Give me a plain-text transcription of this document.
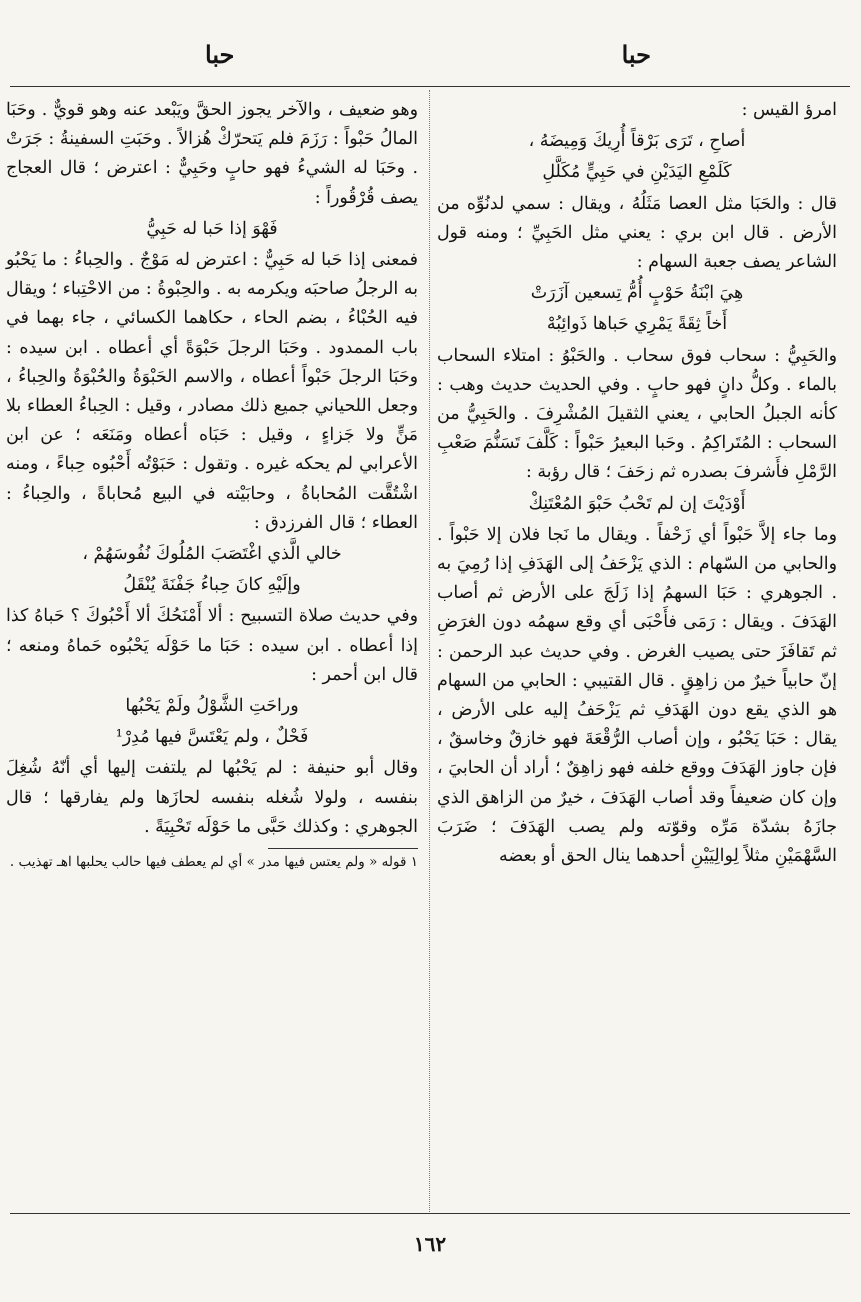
حبا
حبا

امرؤ القيس :

أصاحِ ، تَرَى بَرْقاً أُرِيكَ وَمِيضَهُ ،

كَلَمْعِ اليَدَيْنِ في حَبِيٍّ مُكَلَّلِ

قال : والحَبَا مثل العصا مَثَلُهُ ، ويقال : سمي لدنُوِّه من الأرض . قال ابن بري : يعني مثل الحَبِيِّ ؛ ومنه قول الشاعر يصف جعبة السهام :

هِيَ ابْنَةُ حَوْبٍ أُمُّ تِسعين آزَرَتْ

أَخاً ثِقَةً يَمْرِي حَباها ذَوائِبُهْ

والحَبِيُّ : سحاب فوق سحاب . والحَبْوُ : امتلاء السحاب بالماء . وكلُّ دانٍ فهو حابٍ . وفي الحديث حديث وهب : كأنه الجبلُ الحابي ، يعني الثقيلَ المُشْرِفَ . والحَبِيُّ من السحاب : المُتَراكِمُ . وحَبا البعيرُ حَبْواً : كَلَّفَ تَسَنُّمَ صَعْبِ الرَّمْلِ فأَشرفَ بصدره ثم زحَفَ ؛ قال رؤبة :

أَوْدَيْتَ إن لم تَحْبُ حَبْوَ المُعْتَنِكْ

وما جاء إلاَّ حَبْواً أي زَحْفاً . ويقال ما نَجا فلان إلا حَبْواً . والحابي من السّهام : الذي يَزْحَفُ إلى الهَدَفِ إذا رُمِيَ به . الجوهري : حَبَا السهمُ إذا زَلَجَ على الأرض ثم أصاب الهَدَفَ . ويقال : رَمَى فأَحْبَى أي وقع سهمُه دون الغرَضِ ثم تَقافَزَ حتى يصيب الغرض . وفي حديث عبد الرحمن : إنّ حابياً خيرٌ من زاهِقٍ . قال القتيبي : الحابي من السهام هو الذي يقع دون الهَدَفِ ثم يَزْحَفُ إليه على الأرض ، يقال : حَبَا يَحْبُو ، وإن أصاب الرُّقْعَةَ فهو خازقٌ وخاسقٌ ، فإن جاوز الهَدَفَ ووقع خلفه فهو زاهِقٌ ؛ أراد أن الحابيَ ، وإن كان ضعيفاً وقد أصاب الهَدَفَ ، خيرٌ من الزاهق الذي جازَهُ بشدّة مَرِّه وقوّته ولم يصب الهَدَفَ ؛ ضَرَبَ السَّهْمَيْنِ مثلاً لِوالِيَيْنِ أحدهما ينال الحق أو بعضه

وهو ضعيف ، والآخر يجوز الحقَّ ويَبْعد عنه وهو قويٌّ . وحَبَا المالُ حَبْواً : رَزَمَ فلم يَتحرّكْ هُزالاً . وحَبَتِ السفينةُ : جَرَتْ . وحَبَا له الشيءُ فهو حابٍ وحَبِيٌّ : اعترض ؛ قال العجاج يصف قُرْقُوراً :

فَهْوَ إذا حَبا له حَبِيُّ

فمعنى إذا حَبا له حَبِيٌّ : اعترض له مَوْجٌ . والحِباءُ : ما يَحْبُو به الرجلُ صاحبَه ويكرمه به . والحِبْوةُ : من الاحْتِباء ؛ ويقال فيه الحُبْاءُ ، بضم الحاء ، حكاهما الكسائي ، جاء بهما في باب الممدود . وحَبَا الرجلَ حَبْوَةً أي أعطاه . ابن سيده : وحَبَا الرجلَ حَبْواً أعطاه ، والاسم الحَبْوَةُ والحُبْوَةُ والحِباءُ ، وجعل اللحياني جميع ذلك مصادر ، وقيل : الحِباءُ العطاء بلا مَنٍّ ولا جَزاءٍ ، وقيل : حَبَاه أعطاه ومَنَعَه ؛ عن ابن الأعرابي لم يحكه غيره . وتقول : حَبَوْتُه أَحْبُوه حِباءً ، ومنه اشْتُقَّت المُحاباةُ ، وحابَيْته في البيع مُحاباةً ، والحِباءُ : العطاء ؛ قال الفرزدق :

خالي الَّذي اغْتَصَبَ المُلُوكَ نُفُوسَهُمْ ،

وإلَيْهِ كانَ حِباءُ جَفْنَةَ يُنْقَلُ

وفي حديث صلاة التسبيح : ألا أَمْنَحُكَ ألا أَحْبُوكَ ؟ حَباهُ كذا إذا أعطاه . ابن سيده : حَبَا ما حَوْلَه يَحْبُوه حَماهُ ومنعه ؛ قال ابن أحمر :

وراحَتِ الشَّوْلُ ولَمْ يَحْبُها

فَحْلٌ ، ولم يَعْتَسَّ فيها مُدِرْ¹

وقال أبو حنيفة : لم يَحْبُها لم يلتفت إليها أي أنّهُ شُغِلَ بنفسه ، ولولا شُغله بنفسه لحازَها ولم يفارقها ؛ قال الجوهري : وكذلك حَبَّى ما حَوْلَه تَحْبِيَةً .

١ قوله « ولم يعتس فيها مدر » أي لم يعطف فيها حالب يحلبها اهـ تهذيب .

١٦٢
